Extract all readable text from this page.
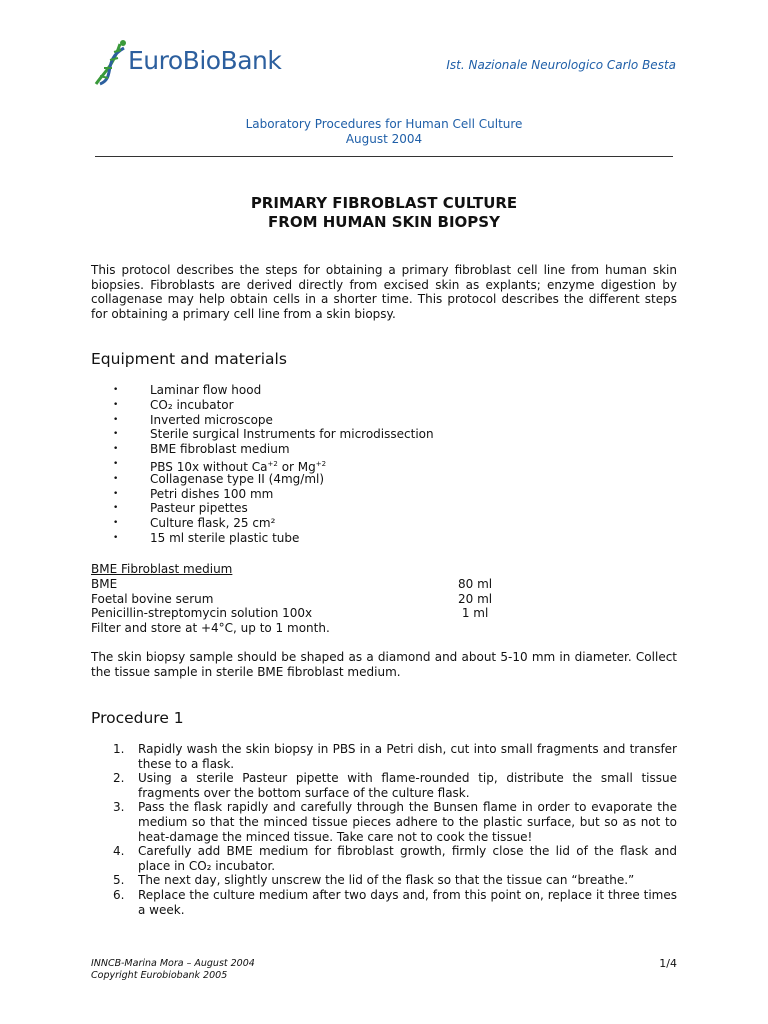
EuroBioBank	Ist. Nazionale Neurologico Carlo Besta
Laboratory Procedures for Human Cell Culture
August 2004
PRIMARY FIBROBLAST CULTURE
FROM HUMAN SKIN BIOPSY

This protocol describes the steps for obtaining a primary fibroblast cell line from human skin biopsies. Fibroblasts are derived directly from excised skin as explants; enzyme digestion by collagenase may help obtain cells in a shorter time. This protocol describes the different steps for obtaining a primary cell line from a skin biopsy.

Equipment and materials
• Laminar flow hood
• CO₂ incubator
• Inverted microscope
• Sterile surgical Instruments for microdissection
• BME fibroblast medium
• PBS 10x without $Ca^{+2}$ or $Mg^{+2}$
• Collagenase type II (4mg/ml)
• Petri dishes 100 mm
• Pasteur pipettes
• Culture flask, 25 cm²
• 15 ml sterile plastic tube
BME Fibroblast medium
BME	80 ml
Foetal bovine serum	20 ml
Penicillin-streptomycin solution 100x	1 ml
Filter and store at +4°C, up to 1 month.

The skin biopsy sample should be shaped as a diamond and about 5-10 mm in diameter. Collect the tissue sample in sterile BME fibroblast medium.

Procedure 1
1. Rapidly wash the skin biopsy in PBS in a Petri dish, cut into small fragments and transfer these to a flask.
2. Using a sterile Pasteur pipette with flame-rounded tip, distribute the small tissue fragments over the bottom surface of the culture flask.
3. Pass the flask rapidly and carefully through the Bunsen flame in order to evaporate the medium so that the minced tissue pieces adhere to the plastic surface, but so as not to heat-damage the minced tissue. Take care not to cook the tissue!
4. Carefully add BME medium for fibroblast growth, firmly close the lid of the flask and place in CO₂ incubator.
5. The next day, slightly unscrew the lid of the flask so that the tissue can “breathe.”
6. Replace the culture medium after two days and, from this point on, replace it three times a week.
INNCB-Marina Mora – August 2004
Copyright Eurobiobank 2005
1/4
